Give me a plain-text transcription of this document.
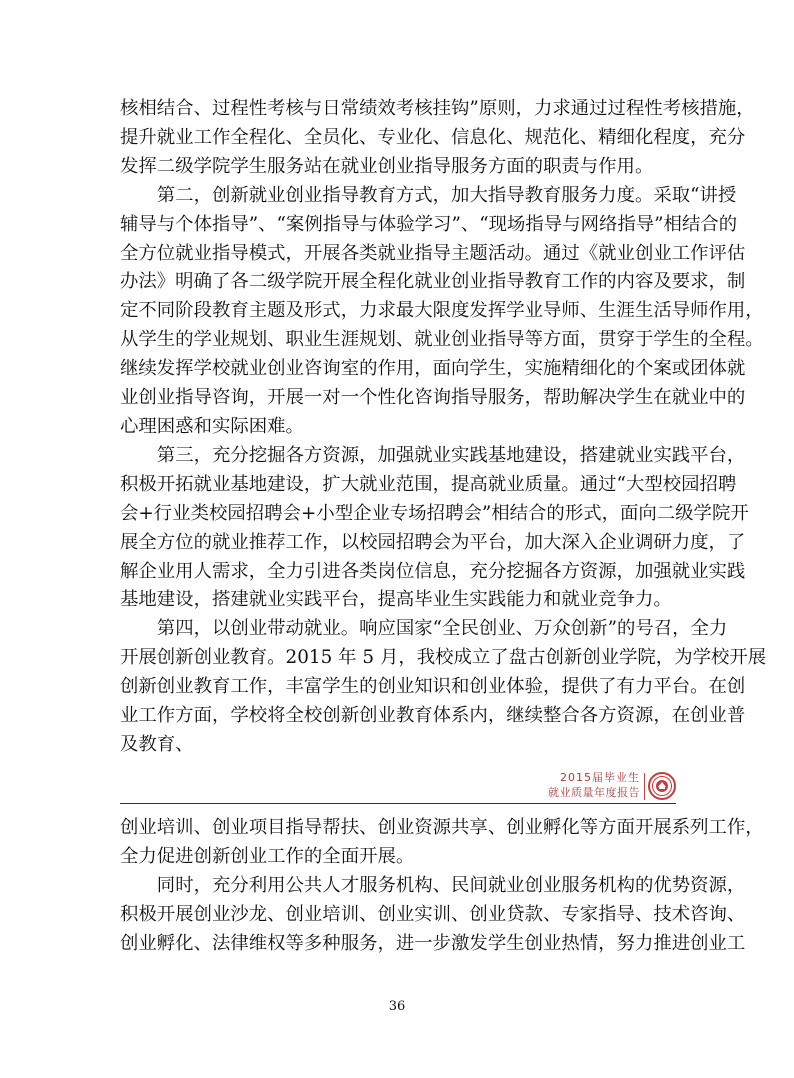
核相结合、过程性考核与日常绩效考核挂钩”原则，力求通过过程性考核措施，

提升就业工作全程化、全员化、专业化、信息化、规范化、精细化程度，充分

发挥二级学院学生服务站在就业创业指导服务方面的职责与作用。

第二，创新就业创业指导教育方式，加大指导教育服务力度。采取“讲授

辅导与个体指导”、“案例指导与体验学习”、“现场指导与网络指导”相结合的

全方位就业指导模式，开展各类就业指导主题活动。通过《就业创业工作评估

办法》明确了各二级学院开展全程化就业创业指导教育工作的内容及要求，制

定不同阶段教育主题及形式，力求最大限度发挥学业导师、生涯生活导师作用，

从学生的学业规划、职业生涯规划、就业创业指导等方面，贯穿于学生的全程。

继续发挥学校就业创业咨询室的作用，面向学生，实施精细化的个案或团体就

业创业指导咨询，开展一对一个性化咨询指导服务，帮助解决学生在就业中的

心理困惑和实际困难。

第三，充分挖掘各方资源，加强就业实践基地建设，搭建就业实践平台，

积极开拓就业基地建设，扩大就业范围，提高就业质量。通过“大型校园招聘

会+行业类校园招聘会+小型企业专场招聘会”相结合的形式，面向二级学院开

展全方位的就业推荐工作，以校园招聘会为平台，加大深入企业调研力度，了

解企业用人需求，全力引进各类岗位信息，充分挖掘各方资源，加强就业实践

基地建设，搭建就业实践平台，提高毕业生实践能力和就业竞争力。

第四，以创业带动就业。响应国家“全民创业、万众创新”的号召，全力

开展创新创业教育。2015 年 5 月，我校成立了盘古创新创业学院，为学校开展

创新创业教育工作，丰富学生的创业知识和创业体验，提供了有力平台。在创

业工作方面，学校将全校创新创业教育体系内，继续整合各方资源，在创业普

及教育、

2015届毕业生
就业质量年度报告

创业培训、创业项目指导帮扶、创业资源共享、创业孵化等方面开展系列工作，

全力促进创新创业工作的全面开展。

同时，充分利用公共人才服务机构、民间就业创业服务机构的优势资源，

积极开展创业沙龙、创业培训、创业实训、创业贷款、专家指导、技术咨询、

创业孵化、法律维权等多种服务，进一步激发学生创业热情，努力推进创业工

36
